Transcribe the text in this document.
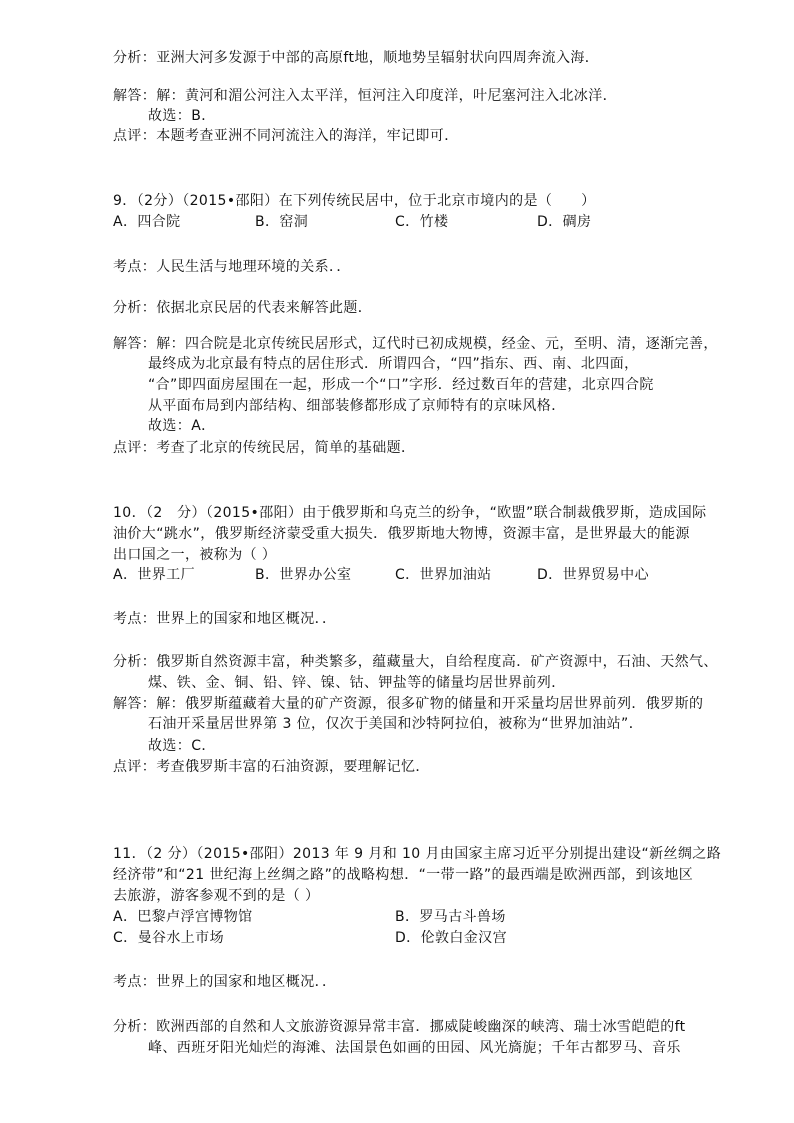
分析：亚洲大河多发源于中部的高原ft地，顺地势呈辐射状向四周奔流入海．
解答：解：黄河和湄公河注入太平洋，恒河注入印度洋，叶尼塞河注入北冰洋．
故选：B．
点评：本题考查亚洲不同河流注入的海洋，牢记即可．
9．（2分）（2015•邵阳）在下列传统民居中，位于北京市境内的是（　　）
A．四合院	B．窑洞	C．竹楼	D．碉房
考点：人民生活与地理环境的关系．．
分析：依据北京民居的代表来解答此题．
解答：解：四合院是北京传统民居形式，辽代时已初成规模，经金、元，至明、清，逐渐完善，
最终成为北京最有特点的居住形式．所谓四合，“四”指东、西、南、北四面，
“合”即四面房屋围在一起，形成一个“口”字形．经过数百年的营建，北京四合院
从平面布局到内部结构、细部装修都形成了京师特有的京味风格．
故选：A．
点评：考查了北京的传统民居，简单的基础题．
10．（2　分）（2015•邵阳）由于俄罗斯和乌克兰的纷争，“欧盟”联合制裁俄罗斯，造成国际
油价大“跳水”，俄罗斯经济蒙受重大损失．俄罗斯地大物博，资源丰富，是世界最大的能源
出口国之一，被称为（ ）
A．世界工厂	B．世界办公室	C．世界加油站	D．世界贸易中心
考点：世界上的国家和地区概况．．
分析：俄罗斯自然资源丰富，种类繁多，蕴藏量大，自给程度高．矿产资源中，石油、天然气、
煤、铁、金、铜、铅、锌、镍、钴、钾盐等的储量均居世界前列．
解答：解：俄罗斯蕴藏着大量的矿产资源，很多矿物的储量和开采量均居世界前列．俄罗斯的
石油开采量居世界第 3 位，仅次于美国和沙特阿拉伯，被称为“世界加油站”．
故选：C．
点评：考查俄罗斯丰富的石油资源，要理解记忆．
11．（2 分）（2015•邵阳）2013 年 9 月和 10 月由国家主席习近平分别提出建设“新丝绸之路
经济带”和“21 世纪海上丝绸之路”的战略构想．“一带一路”的最西端是欧洲西部，到该地区
去旅游，游客参观不到的是（ ）
A．巴黎卢浮宫博物馆	B．罗马古斗兽场
C．曼谷水上市场	D．伦敦白金汉宫
考点：世界上的国家和地区概况．．
分析：欧洲西部的自然和人文旅游资源异常丰富．挪威陡峻幽深的峡湾、瑞士冰雪皑皑的ft
峰、西班牙阳光灿烂的海滩、法国景色如画的田园、风光旖旎；千年古都罗马、音乐
